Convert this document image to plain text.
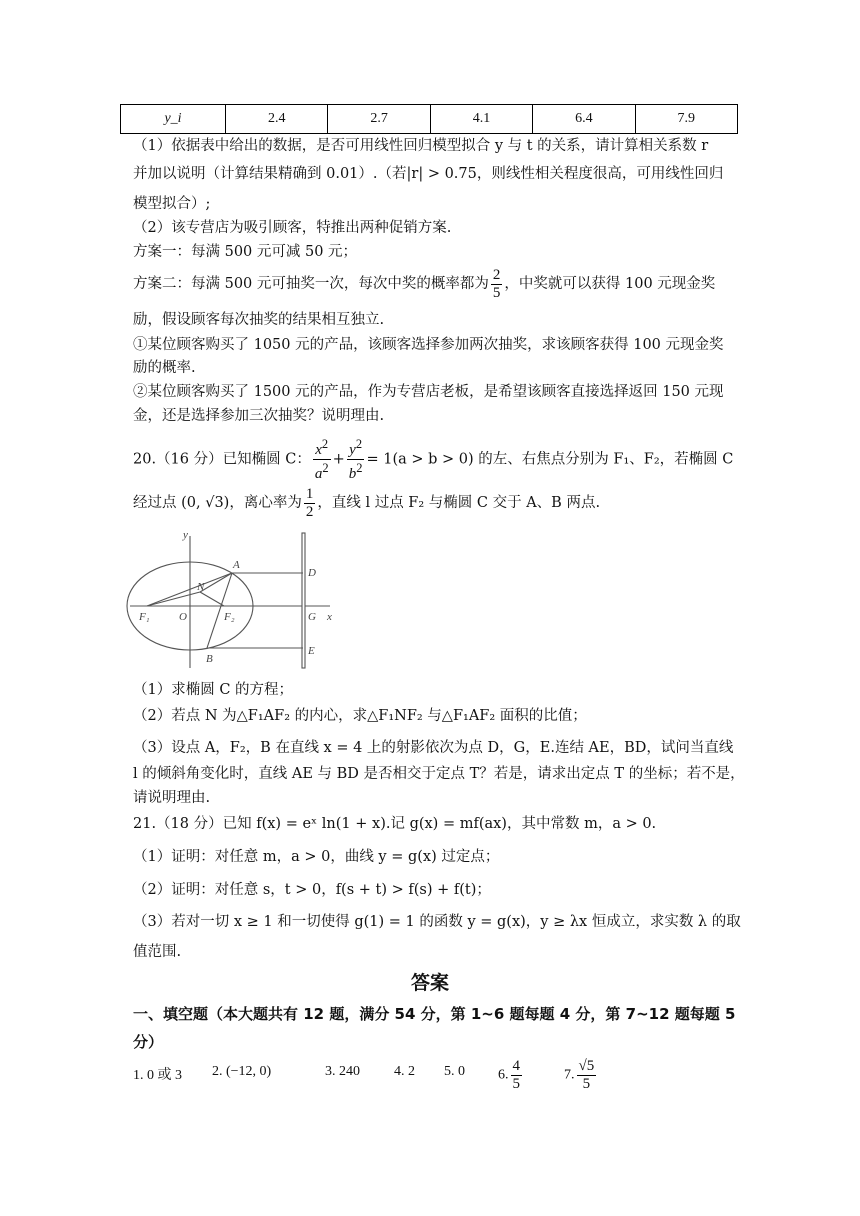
y_i	2.4	2.7	4.1	6.4	7.9
（1）依据表中给出的数据，是否可用线性回归模型拟合 y 与 t 的关系，请计算相关系数 r
并加以说明（计算结果精确到 0.01）.（若|r| > 0.75，则线性相关程度很高，可用线性回归
模型拟合）;
（2）该专营店为吸引顾客，特推出两种促销方案.
方案一：每满 500 元可减 50 元；
方案二：每满 500 元可抽奖一次，每次中奖的概率都为 $\frac{2}{5}$ ，中奖就可以获得 100 元现金奖
励，假设顾客每次抽奖的结果相互独立.
①某位顾客购买了 1050 元的产品，该顾客选择参加两次抽奖，求该顾客获得 100 元现金奖
励的概率.
②某位顾客购买了 1500 元的产品，作为专营店老板，是希望该顾客直接选择返回 150 元现
金，还是选择参加三次抽奖？说明理由.
20.（16 分）已知椭圆 C： $\frac{x^2}{a^2} + \frac{y^2}{b^2} = 1(a > b > 0)$ 的左、右焦点分别为 F₁、F₂，若椭圆 C
经过点 (0, √3)，离心率为 $\frac{1}{2}$ ，直线 l 过点 F₂ 与椭圆 C 交于 A、B 两点.
y
A
D
N
F₁	O	F₂	G x
B
E
（1）求椭圆 C 的方程；
（2）若点 N 为△F₁AF₂ 的内心，求△F₁NF₂ 与△F₁AF₂ 面积的比值；
（3）设点 A，F₂，B 在直线 x = 4 上的射影依次为点 D，G，E.连结 AE，BD，试问当直线
l 的倾斜角变化时，直线 AE 与 BD 是否相交于定点 T？若是，请求出定点 T 的坐标；若不是，
请说明理由.
21.（18 分）已知 f(x) = eˣ ln(1 + x).记 g(x) = mf(ax)，其中常数 m，a > 0.
（1）证明：对任意 m，a > 0，曲线 y = g(x) 过定点；
（2）证明：对任意 s，t > 0，f(s + t) > f(s) + f(t)；
（3）若对一切 x ≥ 1 和一切使得 g(1) = 1 的函数 y = g(x)，y ≥ λx 恒成立，求实数 λ 的取
值范围.
答案
一、填空题（本大题共有 12 题，满分 54 分，第 1~6 题每题 4 分，第 7~12 题每题 5 分）
1. 0 或 3 2. (−12, 0)	3. 240 4. 2 5. 0 6. $\frac{4}{5}$	7. $\frac{√5}{5}$
